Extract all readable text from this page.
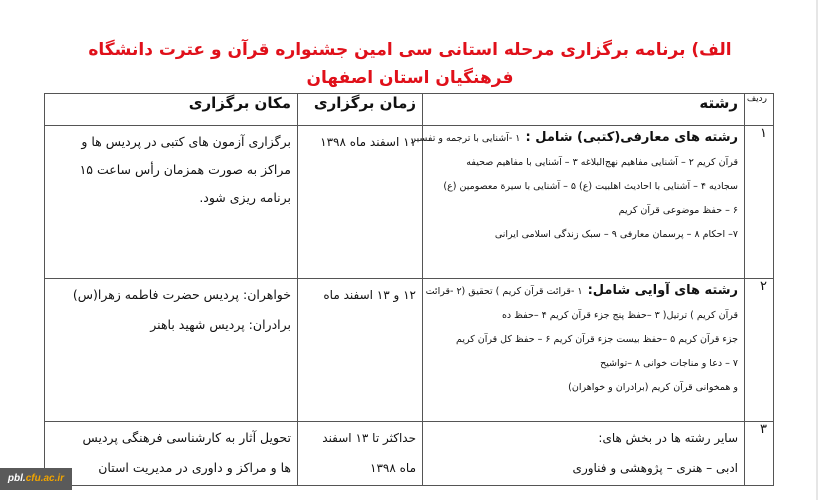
الف) برنامه برگزاری مرحله استانی سی امین جشنواره قرآن و عترت دانشگاه فرهنگیان استان اصفهان
ردیف	رشته	زمان برگزاری	مکان برگزاری
۱	رشته های معارفی(کتبی) شامل : ۱ -آشنایی با ترجمه و تفسیر
قرآن کریم ۲ – آشنایی مفاهیم نهج‌البلاغه ۳ – آشنایی با مفاهیم صحیفه
سجادیه ۴ – آشنایی با احادیث اهلبیت (ع) ۵ – آشنایی با سیرة معصومین (ع)
۶ – حفظ موضوعی قرآن کریم
۷– احکام ۸ – پرسمان معارفی ۹ – سبک زندگی اسلامی ایرانی	۱۱ اسفند ماه ۱۳۹۸	برگزاری آزمون های کتبی در پردیس ها و مراکز به صورت همزمان رأس ساعت ۱۵ برنامه ریزی شود.

۲	رشته های آوایی شامل: ۱ -قرائت قرآن کریم ) تحقیق (۲ -قرائت
قرآن کریم ) ترتیل( ۳ –حفظ پنج جزء قرآن کریم ۴ –حفظ ده
جزء قرآن کریم ۵ –حفظ بیست جزء قرآن کریم ۶ – حفظ کل قرآن کریم
۷ – دعا و مناجات خوانی ۸ –تواشیح
و همخوانی قرآن کریم (برادران و خواهران)	۱۲ و ۱۳ اسفند ماه	خواهران: پردیس حضرت فاطمه زهرا(س)
برادران: پردیس شهید باهنر

۳	سایر رشته ها در بخش های:
ادبی – هنری – پژوهشی و فناوری	حداکثر تا ۱۳ اسفند
ماه ۱۳۹۸	تحویل آثار به کارشناسی فرهنگی پردیس
ها و مراکز و داوری در مدیریت استان
pbl.cfu.ac.ir
